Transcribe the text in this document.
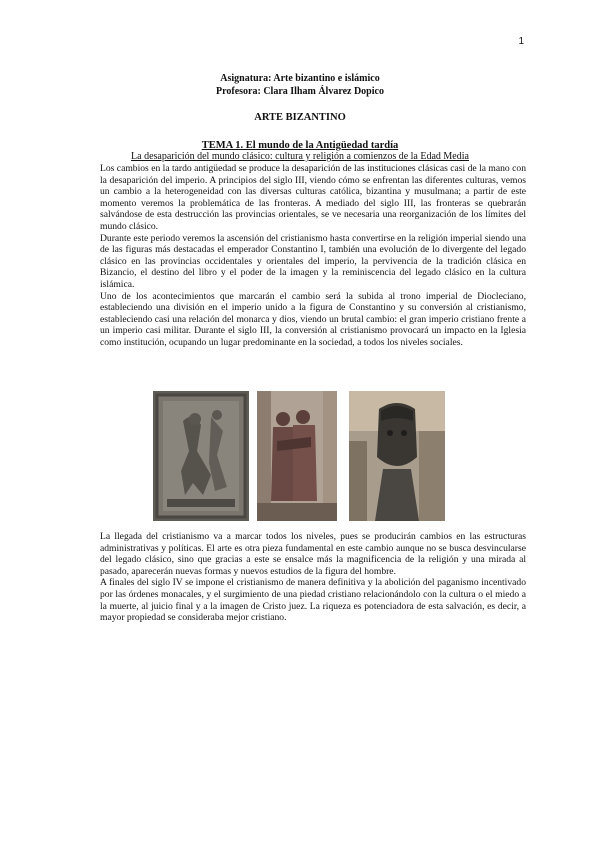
1
Asignatura: Arte bizantino e islámico
Profesora: Clara Ilham Álvarez Dopico
ARTE BIZANTINO
TEMA 1. El mundo de la Antigüedad tardía
La desaparición del mundo clásico: cultura y religión a comienzos de la Edad Media

Los cambios en la tardo antigüedad se produce la desaparición de las instituciones clásicas casi de la mano con la desaparición del imperio. A principios del siglo III, viendo cómo se enfrentan las diferentes culturas, vemos un cambio a la heterogeneidad con las diversas culturas católica, bizantina y musulmana; a partir de este momento veremos la problemática de las fronteras. A mediado del siglo III, las fronteras se quebrarán salvándose de esta destrucción las provincias orientales, se ve necesaria una reorganización de los límites del mundo clásico.

Durante este periodo veremos la ascensión del cristianismo hasta convertirse en la religión imperial siendo una de las figuras más destacadas el emperador Constantino I, también una evolución de lo divergente del legado clásico en las provincias occidentales y orientales del imperio, la pervivencia de la tradición clásica en Bizancio, el destino del libro y el poder de la imagen y la reminiscencia del legado clásico en la cultura islámica.

Uno de los acontecimientos que marcarán el cambio será la subida al trono imperial de Diocleciano, estableciendo una división en el imperio unido a la figura de Constantino y su conversión al cristianismo, estableciendo casi una relación del monarca y dios, viendo un brutal cambio: el gran imperio cristiano frente a un imperio casi militar. Durante el siglo III, la conversión al cristianismo provocará un impacto en la Iglesia como institución, ocupando un lugar predominante en la sociedad, a todos los niveles sociales.

La llegada del cristianismo va a marcar todos los niveles, pues se producirán cambios en las estructuras administrativas y políticas. El arte es otra pieza fundamental en este cambio aunque no se busca desvincularse del legado clásico, sino que gracias a este se ensalce más la magnificencia de la religión y una mirada al pasado, aparecerán nuevas formas y nuevos estudios de la figura del hombre.

A finales del siglo IV se impone el cristianismo de manera definitiva y la abolición del paganismo incentivado por las órdenes monacales, y el surgimiento de una piedad cristiano relacionándolo con la cultura o el miedo a la muerte, al juicio final y a la imagen de Cristo juez. La riqueza es potenciadora de esta salvación, es decir, a mayor propiedad se consideraba mejor cristiano.
